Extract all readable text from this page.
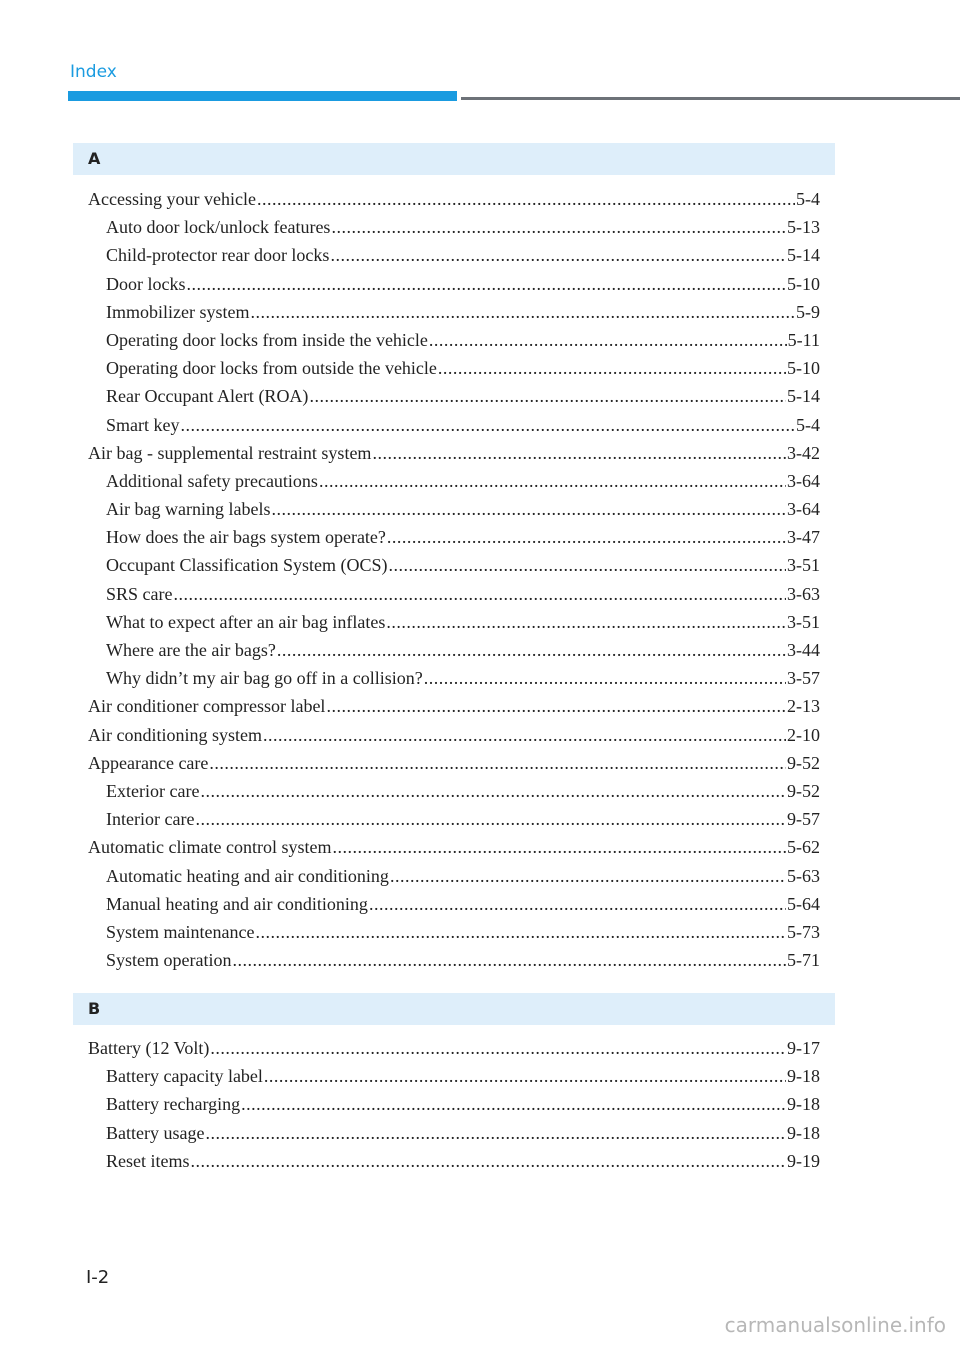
Index
A
Accessing your vehicle .....	5-4
Auto door lock/unlock features .....	5-13
Child-protector rear door locks .....	5-14
Door locks .....	5-10
Immobilizer system .....	5-9
Operating door locks from inside the vehicle .....	5-11
Operating door locks from outside the vehicle .....	5-10
Rear Occupant Alert (ROA) .....	5-14
Smart key .....	5-4
Air bag - supplemental restraint system .....	3-42
Additional safety precautions .....	3-64
Air bag warning labels .....	3-64
How does the air bags system operate? .....	3-47
Occupant Classification System (OCS) .....	3-51
SRS care .....	3-63
What to expect after an air bag inflates .....	3-51
Where are the air bags? .....	3-44
Why didn’t my air bag go off in a collision? .....	3-57
Air conditioner compressor label .....	2-13
Air conditioning system .....	2-10
Appearance care .....	9-52
Exterior care .....	9-52
Interior care .....	9-57
Automatic climate control system .....	5-62
Automatic heating and air conditioning .....	5-63
Manual heating and air conditioning .....	5-64
System maintenance .....	5-73
System operation .....	5-71
B
Battery (12 Volt) .....	9-17
Battery capacity label .....	9-18
Battery recharging .....	9-18
Battery usage .....	9-18
Reset items .....	9-19
I-2
carmanualsonline.info
